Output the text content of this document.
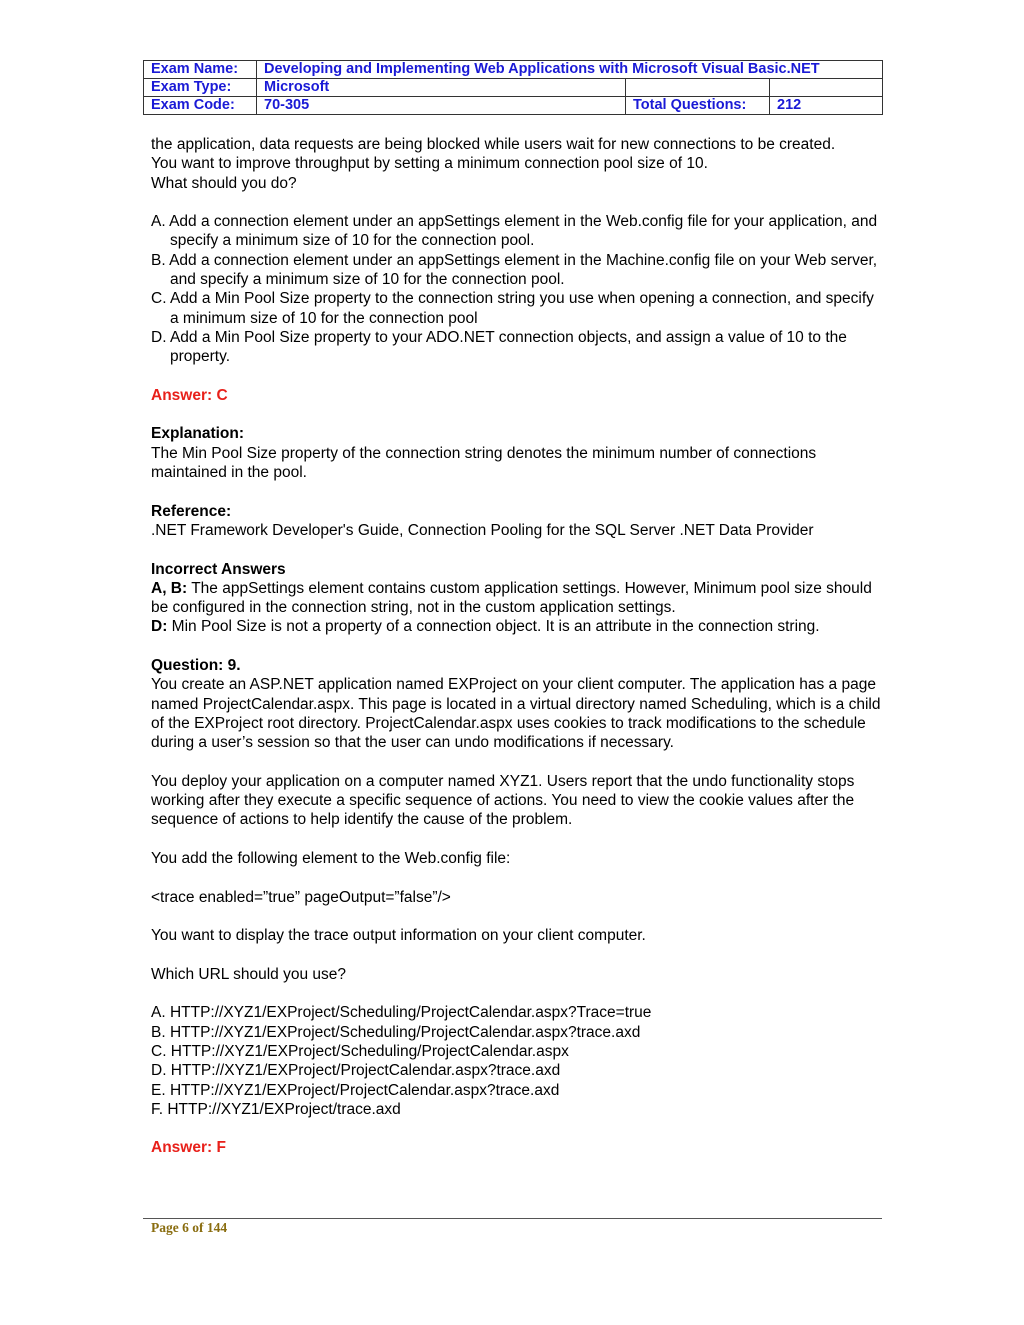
Exam Name:	Developing and Implementing Web Applications with Microsoft Visual Basic.NET		
Exam Type:	Microsoft		
Exam Code:	70-305	Total Questions:	212

the application, data requests are being blocked while users wait for new connections to be created.

You want to improve throughput by setting a minimum connection pool size of 10.

What should you do?

A. Add a connection element under an appSettings element in the Web.config file for your application, and specify a minimum size of 10 for the connection pool.

B. Add a connection element under an appSettings element in the Machine.config file on your Web server, and specify a minimum size of 10 for the connection pool.

C. Add a Min Pool Size property to the connection string you use when opening a connection, and specify a minimum size of 10 for the connection pool

D. Add a Min Pool Size property to your ADO.NET connection objects, and assign a value of 10 to the property.

Answer: C

Explanation:

The Min Pool Size property of the connection string denotes the minimum number of connections maintained in the pool.

Reference:

.NET Framework Developer's Guide, Connection Pooling for the SQL Server .NET Data Provider

Incorrect Answers

A, B: The appSettings element contains custom application settings. However, Minimum pool size should be configured in the connection string, not in the custom application settings.

D: Min Pool Size is not a property of a connection object. It is an attribute in the connection string.

Question: 9.

You create an ASP.NET application named EXProject on your client computer. The application has a page named ProjectCalendar.aspx. This page is located in a virtual directory named Scheduling, which is a child of the EXProject root directory. ProjectCalendar.aspx uses cookies to track modifications to the schedule during a user’s session so that the user can undo modifications if necessary.

You deploy your application on a computer named XYZ1. Users report that the undo functionality stops working after they execute a specific sequence of actions. You need to view the cookie values after the sequence of actions to help identify the cause of the problem.

You add the following element to the Web.config file:

<trace enabled=”true” pageOutput=”false”/>

You want to display the trace output information on your client computer.

Which URL should you use?

A. HTTP://XYZ1/EXProject/Scheduling/ProjectCalendar.aspx?Trace=true

B. HTTP://XYZ1/EXProject/Scheduling/ProjectCalendar.aspx?trace.axd

C. HTTP://XYZ1/EXProject/Scheduling/ProjectCalendar.aspx

D. HTTP://XYZ1/EXProject/ProjectCalendar.aspx?trace.axd

E. HTTP://XYZ1/EXProject/ProjectCalendar.aspx?trace.axd

F. HTTP://XYZ1/EXProject/trace.axd

Answer: F

Page 6 of 144
